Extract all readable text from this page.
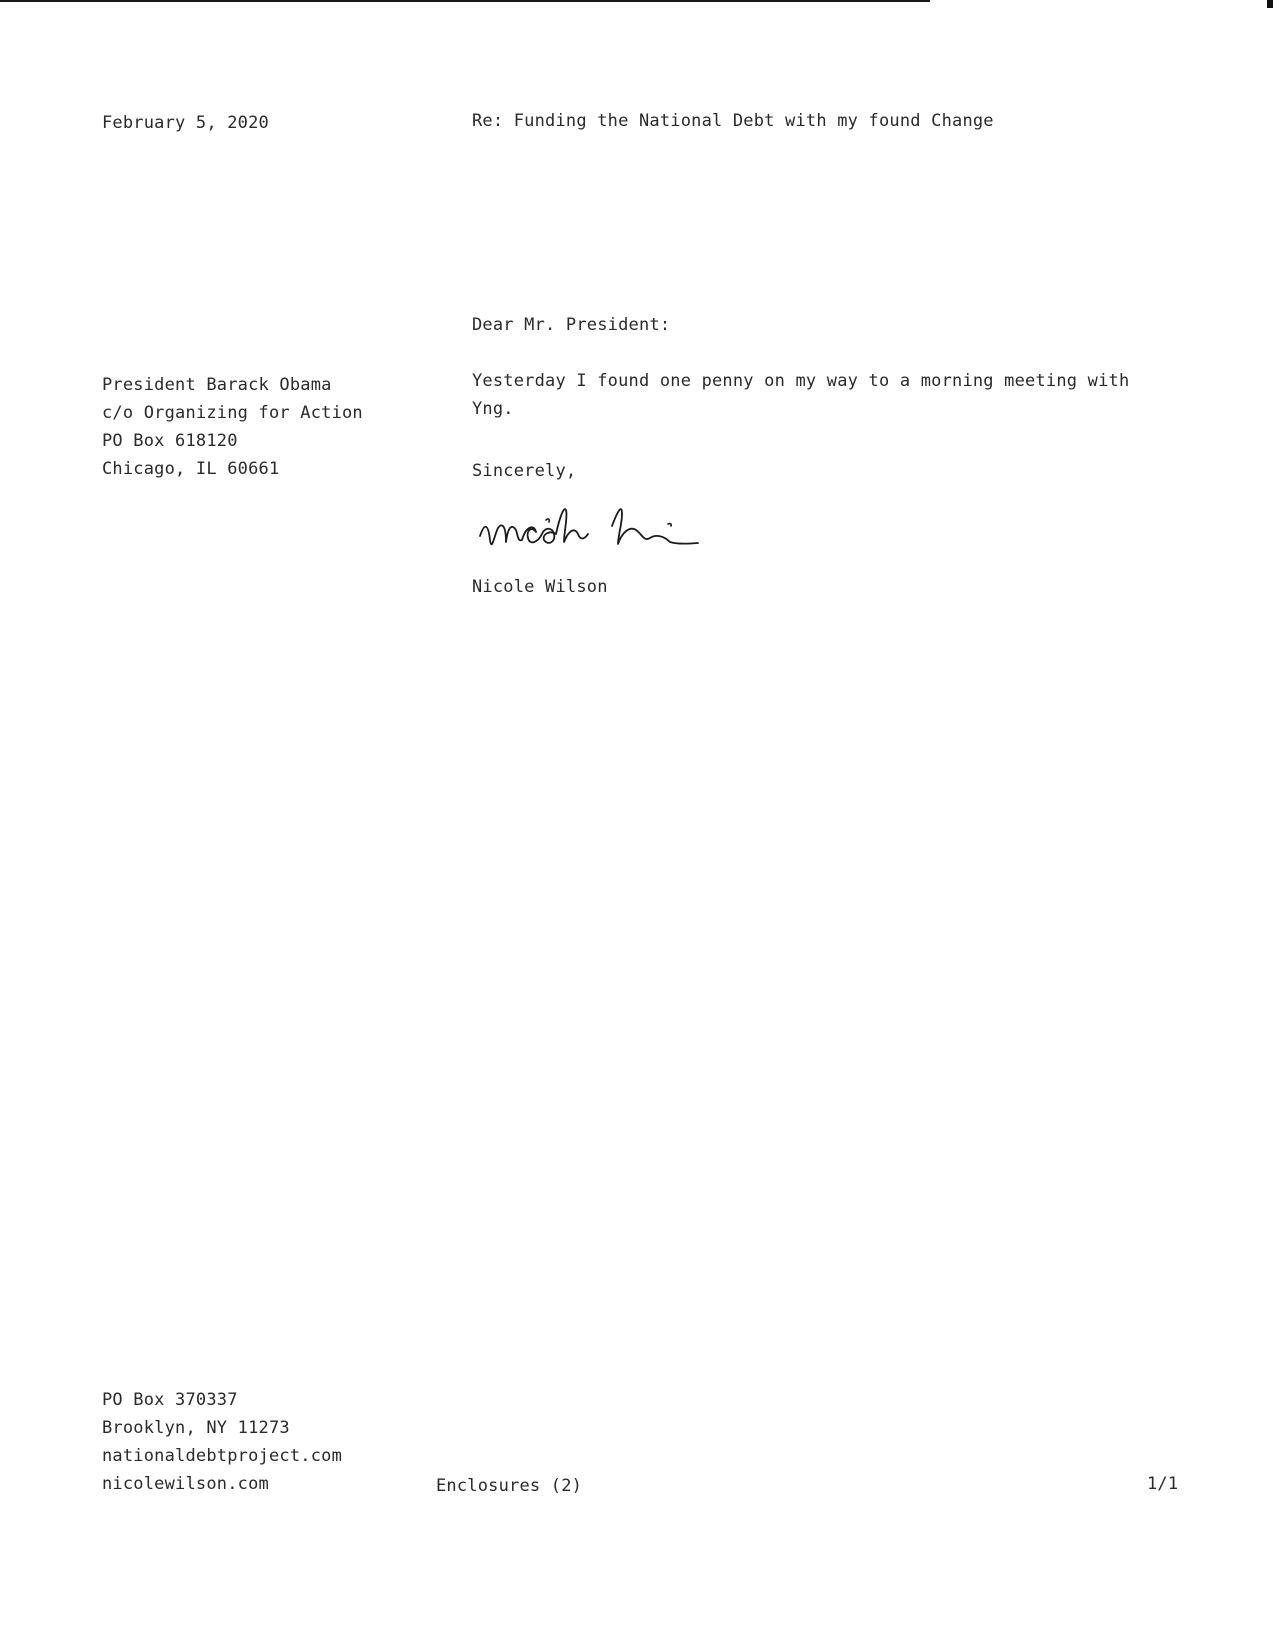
February 5, 2020	Re: Funding the National Debt with my found Change
Dear Mr. President:
President Barack Obama
c/o Organizing for Action
PO Box 618120
Chicago, IL 60661
Yesterday I found one penny on my way to a morning meeting with
Yng.
Sincerely,
Nicole Wilson
PO Box 370337
Brooklyn, NY 11273
nationaldebtproject.com
nicolewilson.com	Enclosures (2)	1/1
